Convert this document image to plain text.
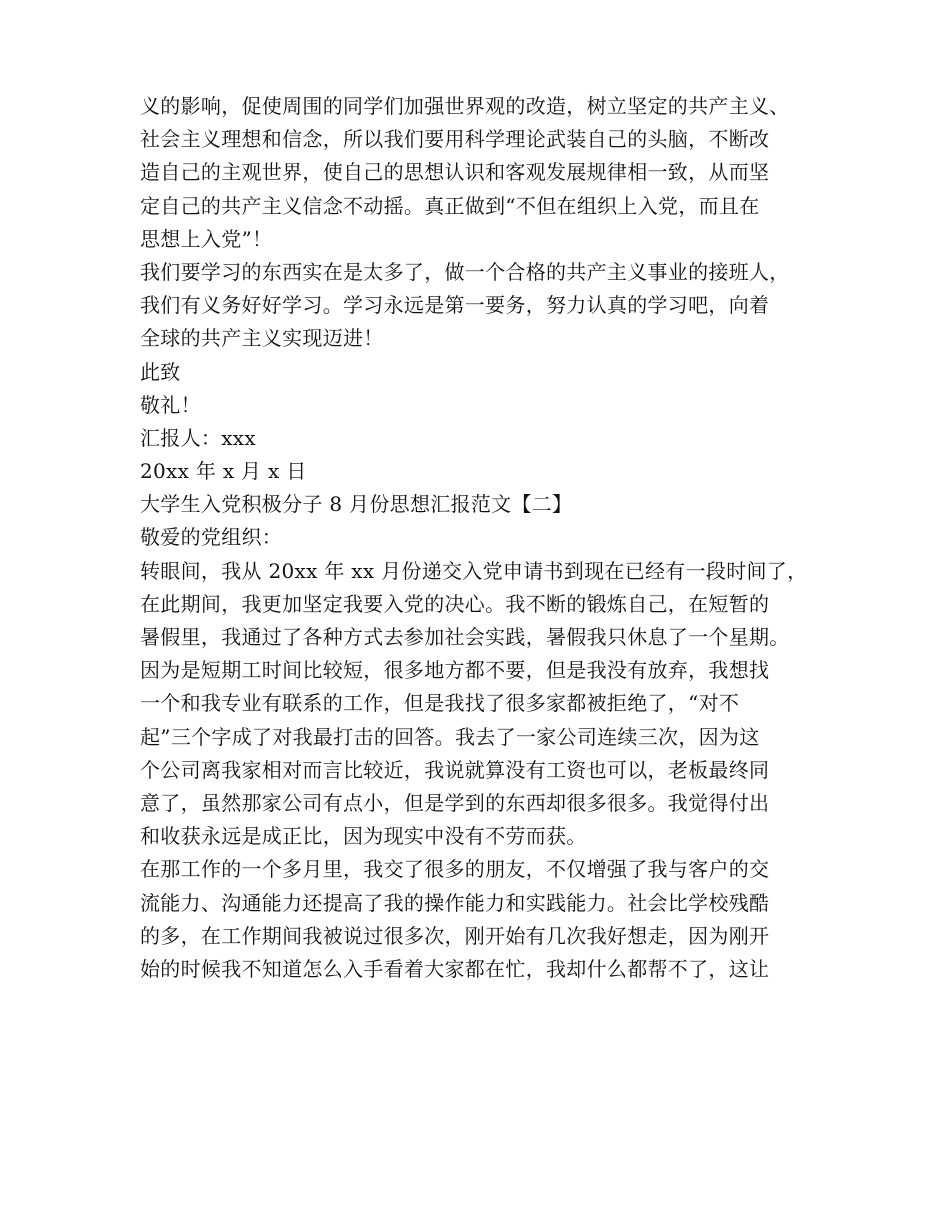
义的影响，促使周围的同学们加强世界观的改造，树立坚定的共产主义、
社会主义理想和信念，所以我们要用科学理论武装自己的头脑，不断改
造自己的主观世界，使自己的思想认识和客观发展规律相一致，从而坚
定自己的共产主义信念不动摇。真正做到“不但在组织上入党，而且在
思想上入党”！
我们要学习的东西实在是太多了，做一个合格的共产主义事业的接班人，
我们有义务好好学习。学习永远是第一要务，努力认真的学习吧，向着
全球的共产主义实现迈进！
此致
敬礼！
汇报人：xxx
20xx 年 x 月 x 日
大学生入党积极分子 8 月份思想汇报范文【二】
敬爱的党组织：
转眼间，我从 20xx 年 xx 月份递交入党申请书到现在已经有一段时间了，
在此期间，我更加坚定我要入党的决心。我不断的锻炼自己，在短暂的
暑假里，我通过了各种方式去参加社会实践，暑假我只休息了一个星期。
因为是短期工时间比较短，很多地方都不要，但是我没有放弃，我想找
一个和我专业有联系的工作，但是我找了很多家都被拒绝了，“对不
起”三个字成了对我最打击的回答。我去了一家公司连续三次，因为这
个公司离我家相对而言比较近，我说就算没有工资也可以，老板最终同
意了，虽然那家公司有点小，但是学到的东西却很多很多。我觉得付出
和收获永远是成正比，因为现实中没有不劳而获。
在那工作的一个多月里，我交了很多的朋友，不仅增强了我与客户的交
流能力、沟通能力还提高了我的操作能力和实践能力。社会比学校残酷
的多，在工作期间我被说过很多次，刚开始有几次我好想走，因为刚开
始的时候我不知道怎么入手看着大家都在忙，我却什么都帮不了，这让
